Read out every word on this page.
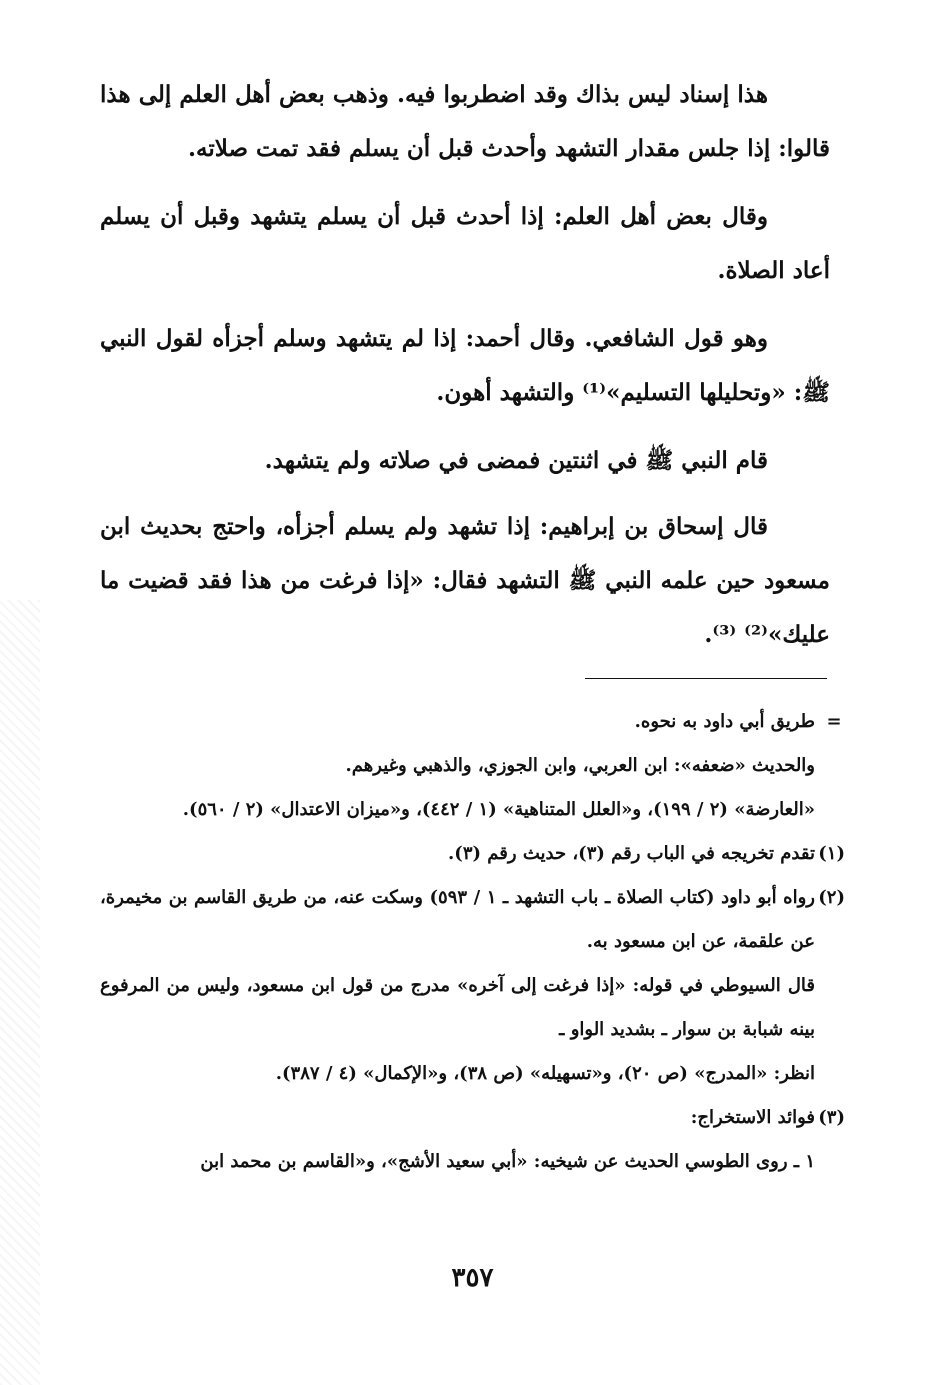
هذا إسناد ليس بذاك وقد اضطربوا فيه. وذهب بعض أهل العلم إلى هذا قالوا: إذا جلس مقدار التشهد وأحدث قبل أن يسلم فقد تمت صلاته.

وقال بعض أهل العلم: إذا أحدث قبل أن يسلم يتشهد وقبل أن يسلم أعاد الصلاة.

وهو قول الشافعي. وقال أحمد: إذا لم يتشهد وسلم أجزأه لقول النبي ﷺ: «وتحليلها التسليم»⁽¹⁾ والتشهد أهون.

قام النبي ﷺ في اثنتين فمضى في صلاته ولم يتشهد.

قال إسحاق بن إبراهيم: إذا تشهد ولم يسلم أجزأه، واحتج بحديث ابن مسعود حين علمه النبي ﷺ التشهد فقال: «إذا فرغت من هذا فقد قضيت ما عليك»⁽²⁾ ⁽³⁾.

=
طريق أبي داود به نحوه.

والحديث «ضعفه»: ابن العربي، وابن الجوزي، والذهبي وغيرهم.

«العارضة» (٢ / ١٩٩)، و«العلل المتناهية» (١ / ٤٤٢)، و«ميزان الاعتدال» (٢ / ٥٦٠).

(١)
تقدم تخريجه في الباب رقم (٣)، حديث رقم (٣).

(٢)
رواه أبو داود (كتاب الصلاة ـ باب التشهد ـ ١ / ٥٩٣) وسكت عنه، من طريق القاسم بن مخيمرة، عن علقمة، عن ابن مسعود به.

قال السيوطي في قوله: «إذا فرغت إلى آخره» مدرج من قول ابن مسعود، وليس من المرفوع بينه شبابة بن سوار ـ بشديد الواو ـ

انظر: «المدرج» (ص ٢٠)، و«تسهيله» (ص ٣٨)، و«الإكمال» (٤ / ٣٨٧).

(٣)
فوائد الاستخراج:

١ ـ روى الطوسي الحديث عن شيخيه: «أبي سعيد الأشج»، و«القاسم بن محمد ابن

٣٥٧
